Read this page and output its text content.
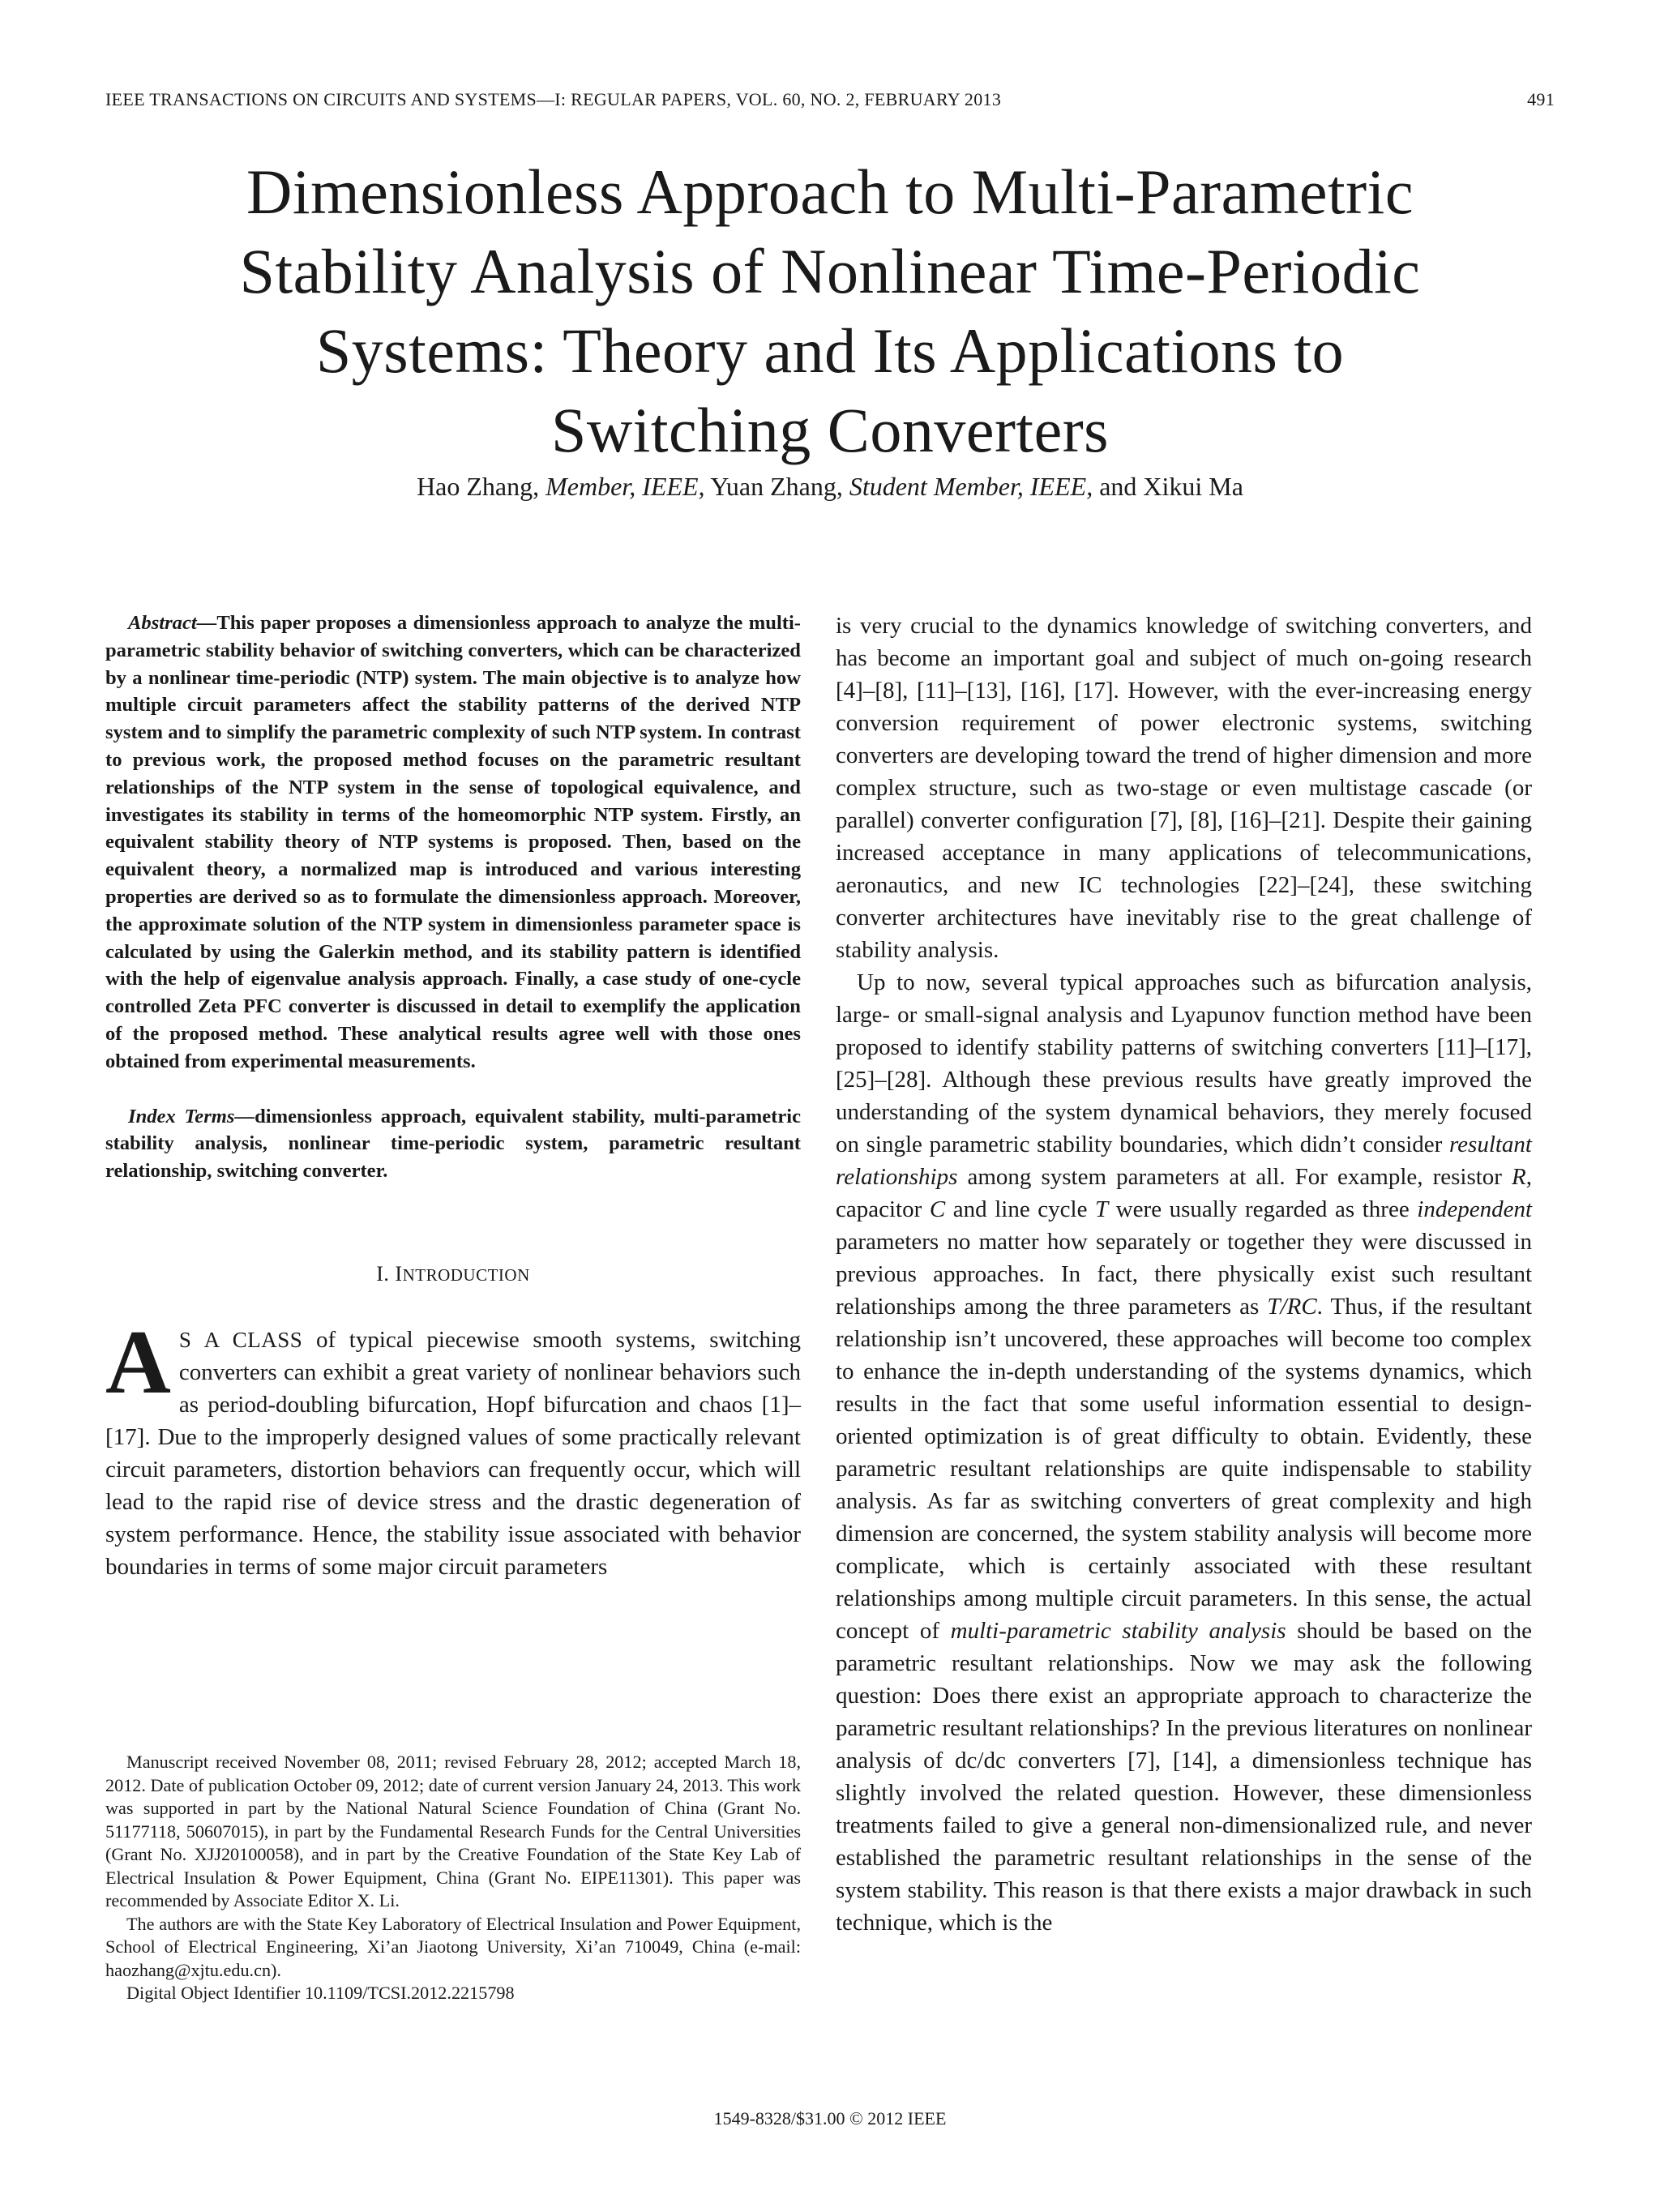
IEEE TRANSACTIONS ON CIRCUITS AND SYSTEMS—I: REGULAR PAPERS, VOL. 60, NO. 2, FEBRUARY 2013	491
Dimensionless Approach to Multi-Parametric
Stability Analysis of Nonlinear Time-Periodic
Systems: Theory and Its Applications to
Switching Converters
Hao Zhang, Member, IEEE, Yuan Zhang, Student Member, IEEE, and Xikui Ma

Abstract—This paper proposes a dimensionless approach to analyze the multi-parametric stability behavior of switching converters, which can be characterized by a nonlinear time-periodic (NTP) system. The main objective is to analyze how multiple circuit parameters affect the stability patterns of the derived NTP system and to simplify the parametric complexity of such NTP system. In contrast to previous work, the proposed method focuses on the parametric resultant relationships of the NTP system in the sense of topological equivalence, and investigates its stability in terms of the homeomorphic NTP system. Firstly, an equivalent stability theory of NTP systems is proposed. Then, based on the equivalent theory, a normalized map is introduced and various interesting properties are derived so as to formulate the dimensionless approach. Moreover, the approximate solution of the NTP system in dimensionless parameter space is calculated by using the Galerkin method, and its stability pattern is identified with the help of eigenvalue analysis approach. Finally, a case study of one-cycle controlled Zeta PFC converter is discussed in detail to exemplify the application of the proposed method. These analytical results agree well with those ones obtained from experimental measurements.

Index Terms—dimensionless approach, equivalent stability, multi-parametric stability analysis, nonlinear time-periodic system, parametric resultant relationship, switching converter.

I. INTRODUCTION

A S A CLASS of typical piecewise smooth systems, switching converters can exhibit a great variety of nonlinear behaviors such as period-doubling bifurcation, Hopf bifurcation and chaos [1]–[17]. Due to the improperly designed values of some practically relevant circuit parameters, distortion behaviors can frequently occur, which will lead to the rapid rise of device stress and the drastic degeneration of system performance. Hence, the stability issue associated with behavior boundaries in terms of some major circuit parameters

Manuscript received November 08, 2011; revised February 28, 2012; accepted March 18, 2012. Date of publication October 09, 2012; date of current version January 24, 2013. This work was supported in part by the National Natural Science Foundation of China (Grant No. 51177118, 50607015), in part by the Fundamental Research Funds for the Central Universities (Grant No. XJJ20100058), and in part by the Creative Foundation of the State Key Lab of Electrical Insulation & Power Equipment, China (Grant No. EIPE11301). This paper was recommended by Associate Editor X. Li.

The authors are with the State Key Laboratory of Electrical Insulation and Power Equipment, School of Electrical Engineering, Xi’an Jiaotong University, Xi’an 710049, China (e-mail: haozhang@xjtu.edu.cn).

Digital Object Identifier 10.1109/TCSI.2012.2215798

is very crucial to the dynamics knowledge of switching converters, and has become an important goal and subject of much on-going research [4]–[8], [11]–[13], [16], [17]. However, with the ever-increasing energy conversion requirement of power electronic systems, switching converters are developing toward the trend of higher dimension and more complex structure, such as two-stage or even multistage cascade (or parallel) converter configuration [7], [8], [16]–[21]. Despite their gaining increased acceptance in many applications of telecommunications, aeronautics, and new IC technologies [22]–[24], these switching converter architectures have inevitably rise to the great challenge of stability analysis.

Up to now, several typical approaches such as bifurcation analysis, large- or small-signal analysis and Lyapunov function method have been proposed to identify stability patterns of switching converters [11]–[17], [25]–[28]. Although these previous results have greatly improved the understanding of the system dynamical behaviors, they merely focused on single parametric stability boundaries, which didn’t consider resultant relationships among system parameters at all. For example, resistor R, capacitor C and line cycle T were usually regarded as three independent parameters no matter how separately or together they were discussed in previous approaches. In fact, there physically exist such resultant relationships among the three parameters as T/RC. Thus, if the resultant relationship isn’t uncovered, these approaches will become too complex to enhance the in-depth understanding of the systems dynamics, which results in the fact that some useful information essential to design-oriented optimization is of great difficulty to obtain. Evidently, these parametric resultant relationships are quite indispensable to stability analysis. As far as switching converters of great complexity and high dimension are concerned, the system stability analysis will become more complicate, which is certainly associated with these resultant relationships among multiple circuit parameters. In this sense, the actual concept of multi-parametric stability analysis should be based on the parametric resultant relationships. Now we may ask the following question: Does there exist an appropriate approach to characterize the parametric resultant relationships? In the previous literatures on nonlinear analysis of dc/dc converters [7], [14], a dimensionless technique has slightly involved the related question. However, these dimensionless treatments failed to give a general non-dimensionalized rule, and never established the parametric resultant relationships in the sense of the system stability. This reason is that there exists a major drawback in such technique, which is the

1549-8328/$31.00 © 2012 IEEE
